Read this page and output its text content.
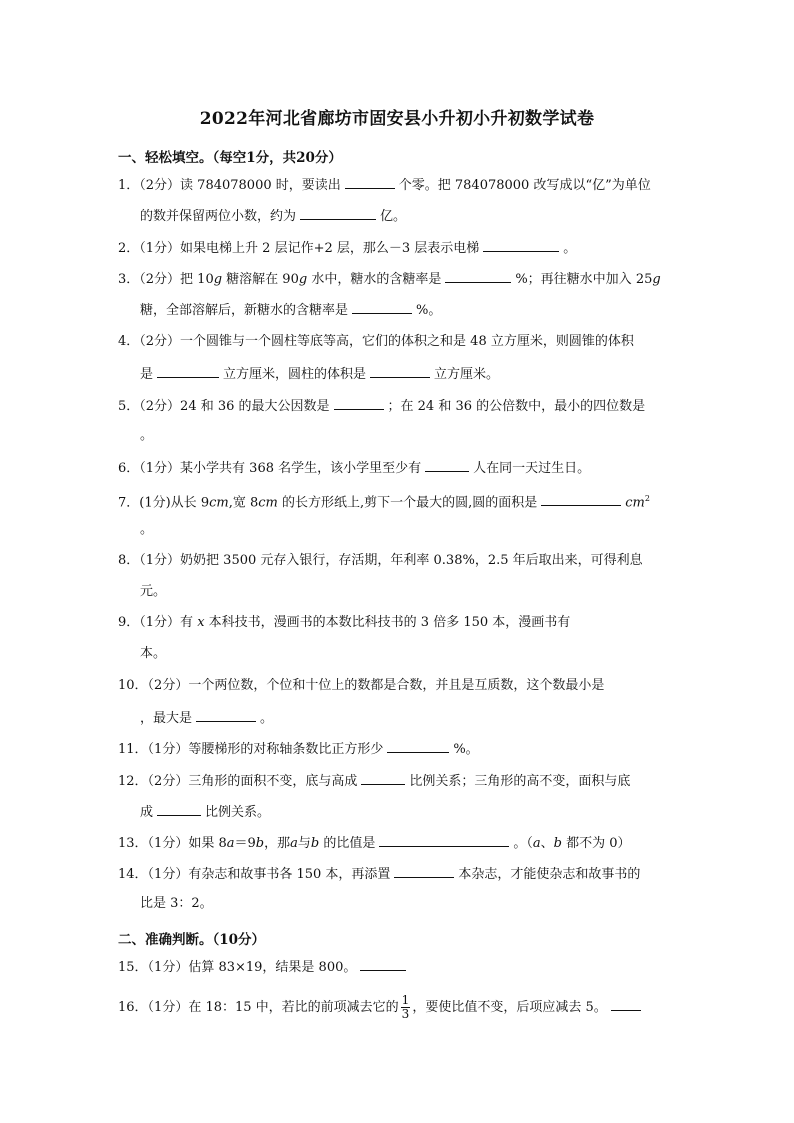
2022年河北省廊坊市固安县小升初小升初数学试卷
一、轻松填空。（每空1分，共20分）
1．（2分）读 784078000 时，要读出	个零。把 784078000 改写成以“亿”为单位
的数并保留两位小数，约为	亿。
2．（1分）如果电梯上升 2 层记作+2 层，那么－3 层表示电梯	。
3．（2分）把 10g 糖溶解在 90g 水中，糖水的含糖率是	%；再往糖水中加入 25g
糖，全部溶解后，新糖水的含糖率是	%。
4．（2分）一个圆锥与一个圆柱等底等高，它们的体积之和是 48 立方厘米，则圆锥的体积
是	立方厘米，圆柱的体积是	立方厘米。
5．（2分）24 和 36 的最大公因数是	；在 24 和 36 的公倍数中，最小的四位数是
。
6．（1分）某小学共有 368 名学生，该小学里至少有	人在同一天过生日。
7．(1分)从长 9cm,宽 8cm 的长方形纸上,剪下一个最大的圆,圆的面积是	$cm^2$
。
8．（1分）奶奶把 3500 元存入银行，存活期，年利率 0.38%，2.5 年后取出来，可得利息
元。
9．（1分）有 x 本科技书，漫画书的本数比科技书的 3 倍多 150 本，漫画书有
本。
10．（2分）一个两位数，个位和十位上的数都是合数，并且是互质数，这个数最小是
，最大是	。
11．（1分）等腰梯形的对称轴条数比正方形少	%。
12．（2分）三角形的面积不变，底与高成	比例关系；三角形的高不变，面积与底
成	比例关系。
13．（1分）如果 8a＝9b，那a与b 的比值是	。（a、b 都不为 0）
14．（1分）有杂志和故事书各 150 本，再添置	本杂志，才能使杂志和故事书的
比是 3：2。
二、准确判断。（10分）
15．（1分）估算 83×19，结果是 800。
16．（1分）在 18：15 中，若比的前项减去它的 $\frac{1}{3}$ ，要使比值不变，后项应减去 5。
